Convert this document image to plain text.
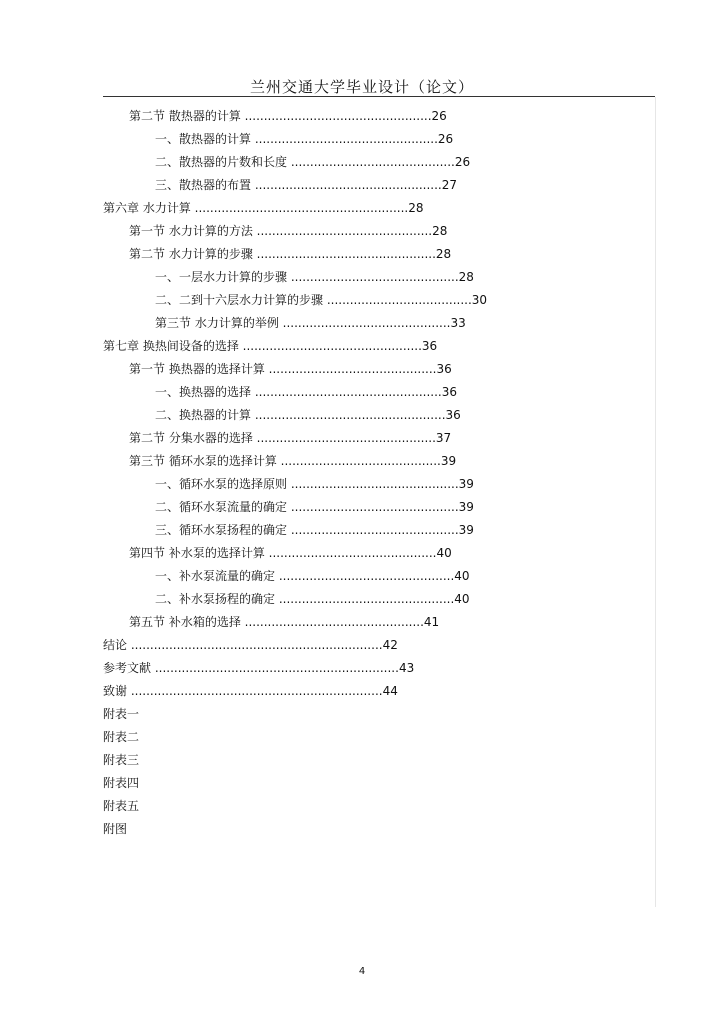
兰州交通大学毕业设计（论文）
第二节 散热器的计算 .................................................26
一、散热器的计算 ................................................26
二、散热器的片数和长度 ...........................................26
三、散热器的布置 .................................................27
第六章 水力计算 ........................................................28
第一节 水力计算的方法 ..............................................28
第二节 水力计算的步骤 ...............................................28
一、一层水力计算的步骤 ............................................28
二、二到十六层水力计算的步骤 ......................................30
第三节 水力计算的举例 ............................................33
第七章 换热间设备的选择 ...............................................36
第一节 换热器的选择计算 ............................................36
一、换热器的选择 .................................................36
二、换热器的计算 ..................................................36
第二节 分集水器的选择 ...............................................37
第三节 循环水泵的选择计算 ..........................................39
一、循环水泵的选择原则 ............................................39
二、循环水泵流量的确定 ............................................39
三、循环水泵扬程的确定 ............................................39
第四节 补水泵的选择计算 ............................................40
一、补水泵流量的确定 ..............................................40
二、补水泵扬程的确定 ..............................................40
第五节 补水箱的选择 ...............................................41
结论 ..................................................................42
参考文献 ................................................................43
致谢 ..................................................................44
附表一
附表二
附表三
附表四
附表五
附图
4
